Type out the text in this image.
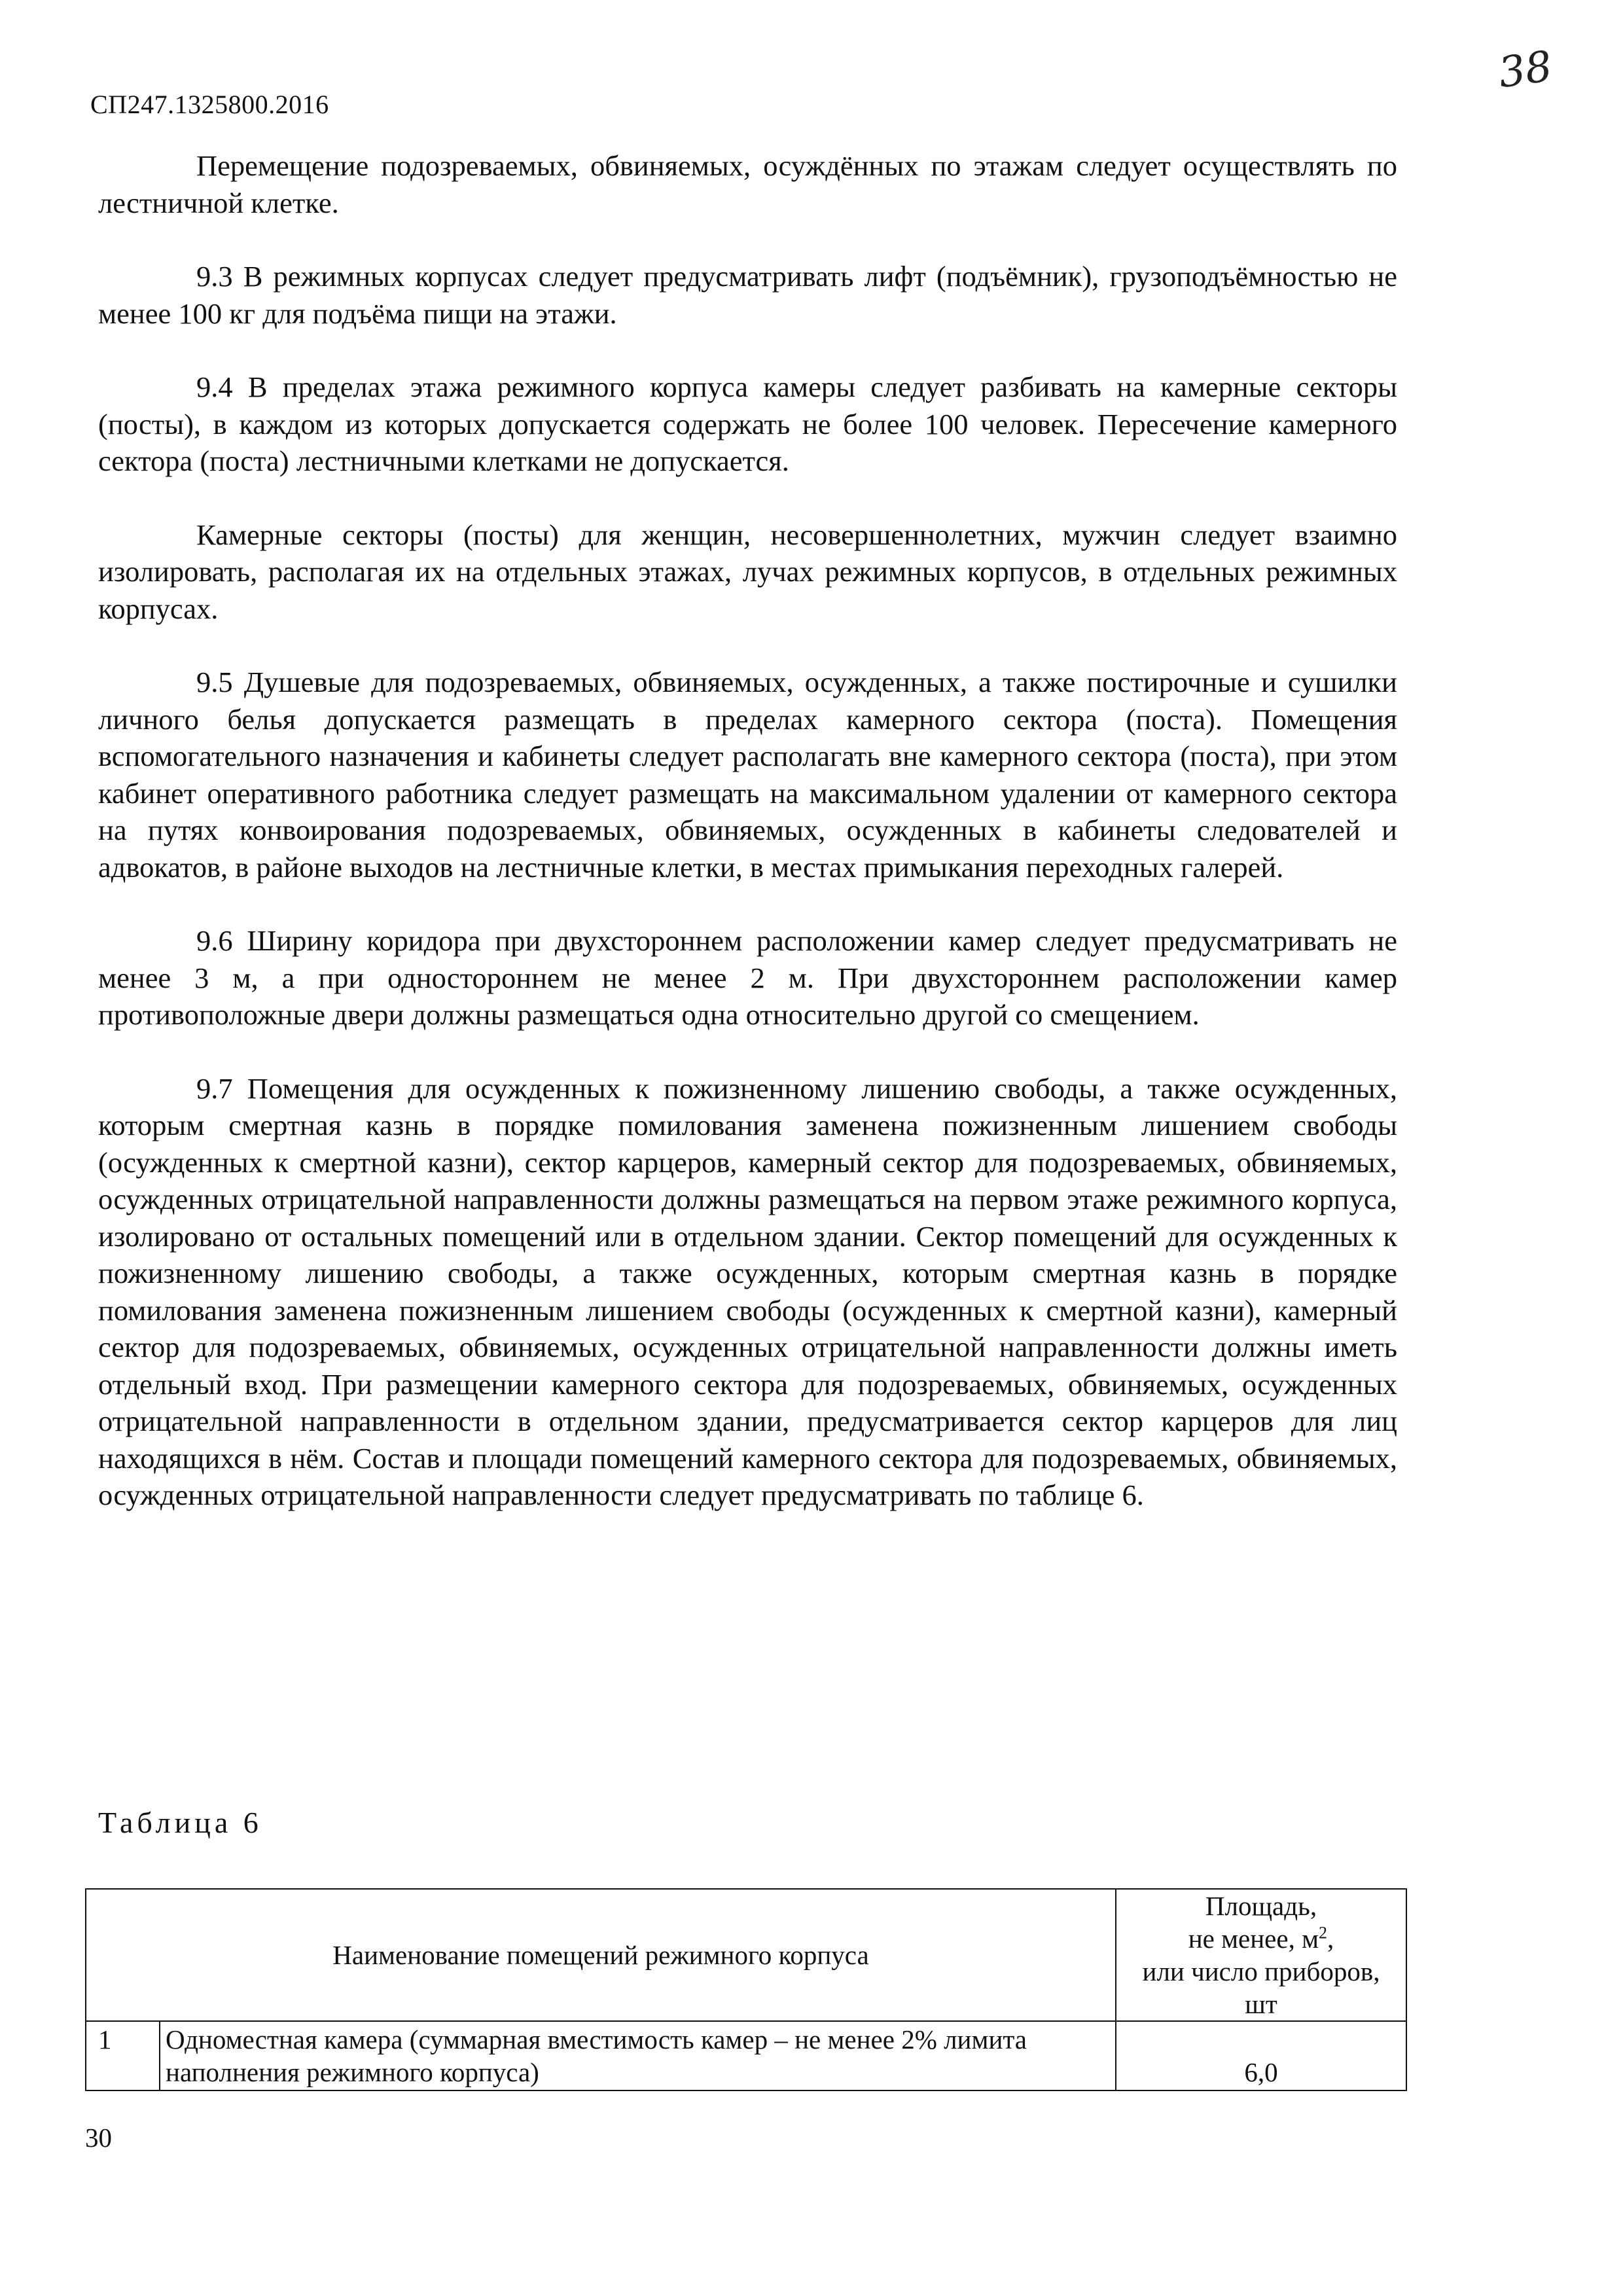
СП247.1325800.2016
38

Перемещение подозреваемых, обвиняемых, осуждённых по этажам следует осуществлять по лестничной клетке.

9.3 В режимных корпусах следует предусматривать лифт (подъёмник), грузоподъёмностью не менее 100 кг для подъёма пищи на этажи.

9.4 В пределах этажа режимного корпуса камеры следует разбивать на камерные секторы (посты), в каждом из которых допускается содержать не более 100 человек. Пересечение камерного сектора (поста) лестничными клетками не допускается.

Камерные секторы (посты) для женщин, несовершеннолетних, мужчин следует взаимно изолировать, располагая их на отдельных этажах, лучах режимных корпусов, в отдельных режимных корпусах.

9.5 Душевые для подозреваемых, обвиняемых, осужденных, а также постирочные и сушилки личного белья допускается размещать в пределах камерного сектора (поста). Помещения вспомогательного назначения и кабинеты следует располагать вне камерного сектора (поста), при этом кабинет оперативного работника следует размещать на максимальном удалении от камерного сектора на путях конвоирования подозреваемых, обвиняемых, осужденных в кабинеты следователей и адвокатов, в районе выходов на лестничные клетки, в местах примыкания переходных галерей.

9.6 Ширину коридора при двухстороннем расположении камер следует предусматривать не менее 3 м, а при одностороннем не менее 2 м. При двухстороннем расположении камер противоположные двери должны размещаться одна относительно другой со смещением.

9.7 Помещения для осужденных к пожизненному лишению свободы, а также осужденных, которым смертная казнь в порядке помилования заменена пожизненным лишением свободы (осужденных к смертной казни), сектор карцеров, камерный сектор для подозреваемых, обвиняемых, осужденных отрицательной направленности должны размещаться на первом этаже режимного корпуса, изолировано от остальных помещений или в отдельном здании. Сектор помещений для осужденных к пожизненному лишению свободы, а также осужденных, которым смертная казнь в порядке помилования заменена пожизненным лишением свободы (осужденных к смертной казни), камерный сектор для подозреваемых, обвиняемых, осужденных отрицательной направленности должны иметь отдельный вход. При размещении камерного сектора для подозреваемых, обвиняемых, осужденных отрицательной направленности в отдельном здании, предусматривается сектор карцеров для лиц находящихся в нём. Состав и площади помещений камерного сектора для подозреваемых, обвиняемых, осужденных отрицательной направленности следует предусматривать по таблице 6.

Таблица 6
Наименование помещений режимного корпуса		Площадь,
не менее, $м^2$,
или число приборов,
шт
1	Одноместная камера (суммарная вместимость камер – не менее 2% лимита наполнения режимного корпуса)	6,0
30
